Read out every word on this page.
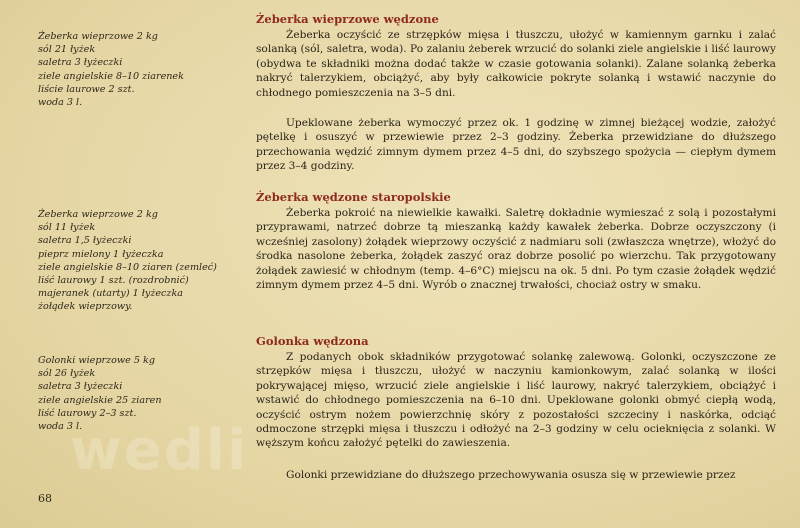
Żeberka wieprzowe 2 kg
sól 21 łyżek
saletra 3 łyżeczki
ziele angielskie 8–10 ziarenek
liście laurowe 2 szt.
woda 3 l.
Żeberka wieprzowe 2 kg
sól 11 łyżek
saletra 1,5 łyżeczki
pieprz mielony 1 łyżeczka
ziele angielskie 8–10 ziaren (zemleć)
liść laurowy 1 szt. (rozdrobnić)
majeranek (utarty) 1 łyżeczka
żołądek wieprzowy.
Golonki wieprzowe 5 kg
sól 26 łyżek
saletra 3 łyżeczki
ziele angielskie 25 ziaren
liść laurowy 2–3 szt.
woda 3 l.
Żeberka wieprzowe wędzone

Żeberka oczyścić ze strzępków mięsa i tłuszczu, ułożyć w kamiennym garnku i zalać solanką (sól, saletra, woda). Po zalaniu żeberek wrzucić do solanki ziele angielskie i liść laurowy (obydwa te składniki można dodać także w czasie gotowania solanki). Zalane solanką żeberka nakryć talerzykiem, obciążyć, aby były całkowicie pokryte solanką i wstawić naczynie do chłodnego pomieszczenia na 3–5 dni.

Upeklowane żeberka wymoczyć przez ok. 1 godzinę w zimnej bieżącej wodzie, założyć pętelkę i osuszyć w przewiewie przez 2–3 godziny. Żeberka przewidziane do dłuższego przechowania wędzić zimnym dymem przez 4–5 dni, do szybszego spożycia — ciepłym dymem przez 3–4 godziny.

Żeberka wędzone staropolskie

Żeberka pokroić na niewielkie kawałki. Saletrę dokładnie wymieszać z solą i pozostałymi przyprawami, natrzeć dobrze tą mieszanką każdy kawałek żeberka. Dobrze oczyszczony (i wcześniej zasolony) żołądek wieprzowy oczyścić z nadmiaru soli (zwłaszcza wnętrze), włożyć do środka nasolone żeberka, żołądek zaszyć oraz dobrze posolić po wierzchu. Tak przygotowany żołądek zawiesić w chłodnym (temp. 4–6°C) miejscu na ok. 5 dni. Po tym czasie żołądek wędzić zimnym dymem przez 4–5 dni. Wyrób o znacznej trwałości, chociaż ostry w smaku.

Golonka wędzona

Z podanych obok składników przygotować solankę zalewową. Golonki, oczyszczone ze strzępków mięsa i tłuszczu, ułożyć w naczyniu kamionkowym, zalać solanką w ilości pokrywającej mięso, wrzucić ziele angielskie i liść laurowy, nakryć talerzykiem, obciążyć i wstawić do chłodnego pomieszczenia na 6–10 dni. Upeklowane golonki obmyć ciepłą wodą, oczyścić ostrym nożem powierzchnię skóry z pozostałości szczeciny i naskórka, odciąć odmoczone strzępki mięsa i tłuszczu i odłożyć na 2–3 godziny w celu ocieknięcia z solanki. W węższym końcu założyć pętelki do zawieszenia.

Golonki przewidziane do dłuższego przechowywania osusza się w przewiewie przez

68
wedli
